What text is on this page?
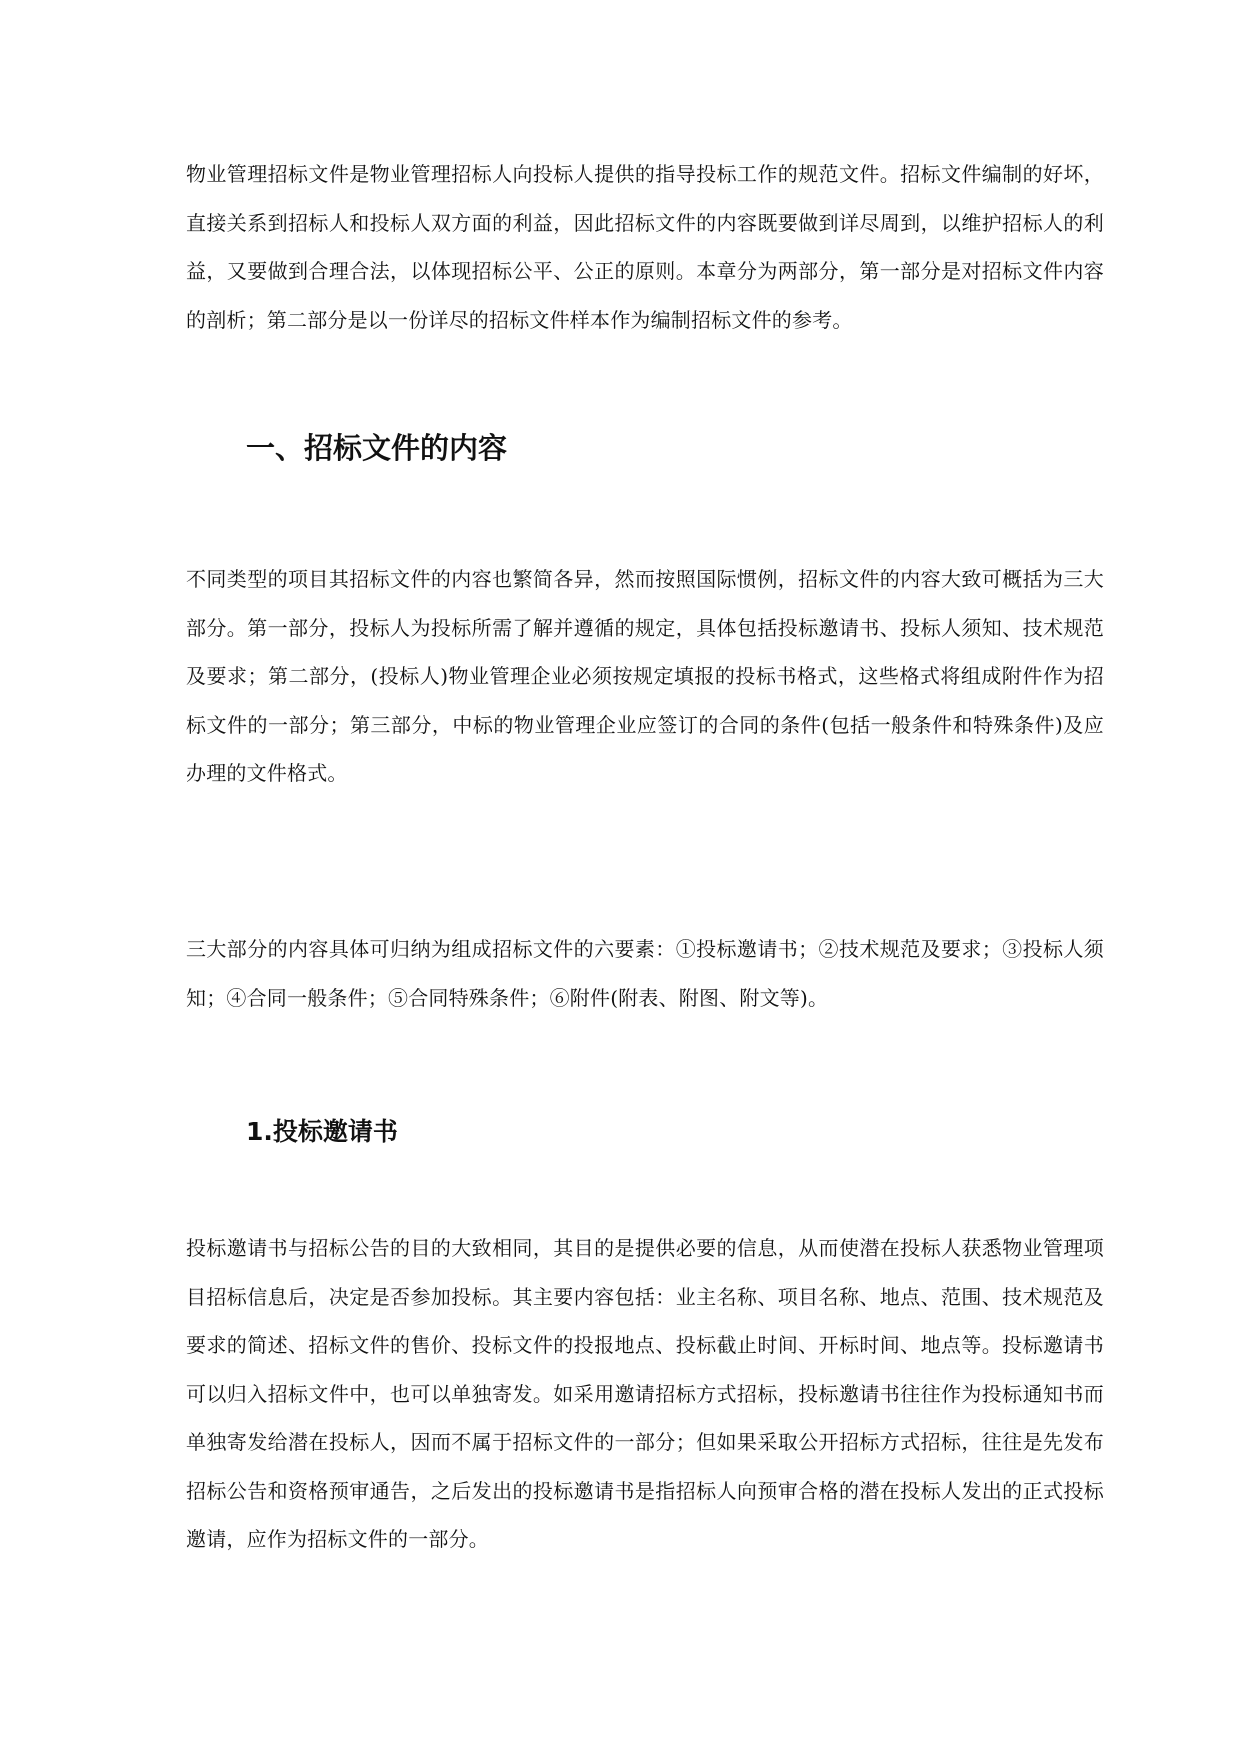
物业管理招标文件是物业管理招标人向投标人提供的指导投标工作的规范文件。招标文件编制的好坏，直接关系到招标人和投标人双方面的利益，因此招标文件的内容既要做到详尽周到，以维护招标人的利益，又要做到合理合法，以体现招标公平、公正的原则。本章分为两部分，第一部分是对招标文件内容的剖析；第二部分是以一份详尽的招标文件样本作为编制招标文件的参考。

一、招标文件的内容

不同类型的项目其招标文件的内容也繁简各异，然而按照国际惯例，招标文件的内容大致可概括为三大部分。第一部分，投标人为投标所需了解并遵循的规定，具体包括投标邀请书、投标人须知、技术规范及要求；第二部分，(投标人)物业管理企业必须按规定填报的投标书格式，这些格式将组成附件作为招标文件的一部分；第三部分，中标的物业管理企业应签订的合同的条件(包括一般条件和特殊条件)及应办理的文件格式。

三大部分的内容具体可归纳为组成招标文件的六要素：①投标邀请书；②技术规范及要求；③投标人须知；④合同一般条件；⑤合同特殊条件；⑥附件(附表、附图、附文等)。

1.投标邀请书

投标邀请书与招标公告的目的大致相同，其目的是提供必要的信息，从而使潜在投标人获悉物业管理项目招标信息后，决定是否参加投标。其主要内容包括：业主名称、项目名称、地点、范围、技术规范及要求的简述、招标文件的售价、投标文件的投报地点、投标截止时间、开标时间、地点等。投标邀请书可以归入招标文件中，也可以单独寄发。如采用邀请招标方式招标，投标邀请书往往作为投标通知书而单独寄发给潜在投标人，因而不属于招标文件的一部分；但如果采取公开招标方式招标，往往是先发布招标公告和资格预审通告，之后发出的投标邀请书是指招标人向预审合格的潜在投标人发出的正式投标邀请，应作为招标文件的一部分。
